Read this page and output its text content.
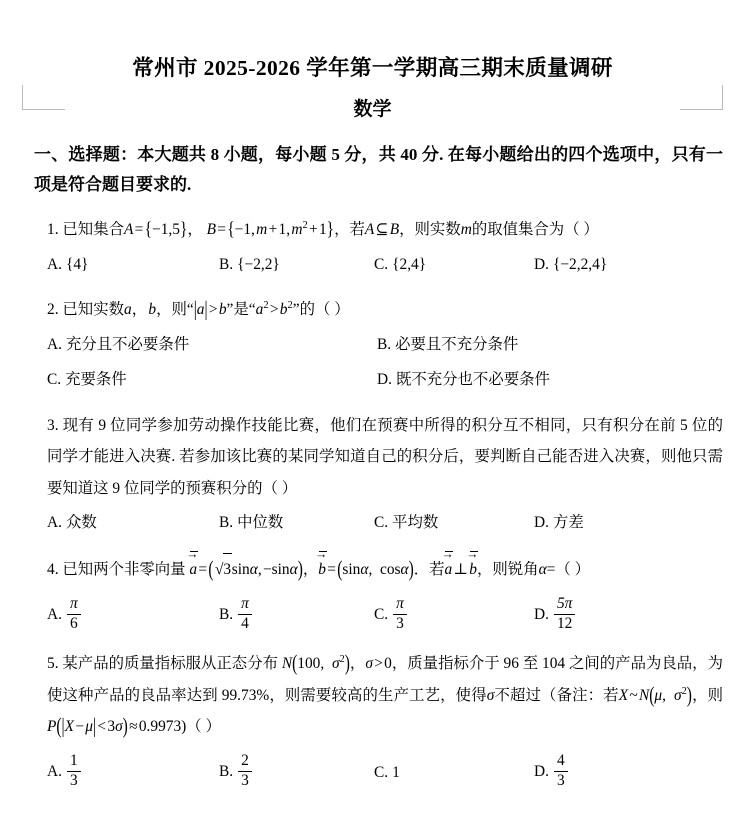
常州市 2025-2026 学年第一学期高三期末质量调研
数学
一、选择题：本大题共 8 小题，每小题 5 分，共 40 分. 在每小题给出的四个选项中，只有一项是符合题目要求的.
1. 已知集合A = {−1,5}， B = {−1, m + 1, $m^2$ + 1}，若A ⊆ B，则实数m的取值集合为（ ）
A. {4}	B. {−2,2}	C. {2,4}	D. {−2,2,4}
2. 已知实数a， b，则“|a| > b”是“$a^2$ > $b^2$”的（ ）
A. 充分且不必要条件	B. 必要且不充分条件
C. 充要条件	D. 既不充分也不必要条件
3. 现有 9 位同学参加劳动操作技能比赛，他们在预赛中所得的积分互不相同，只有积分在前 5 位的同学才能进入决赛. 若参加该比赛的某同学知道自己的积分后，要判断自己能否进入决赛，则他只需要知道这 9 位同学的预赛积分的（ ）
A. 众数	B. 中位数	C. 平均数	D. 方差
4. 已知两个非零向量 a
→
 = (√3sinα, −sinα)，b
→
 = (sinα,  cosα)．若a
→
 ⊥ b
→
，则锐角α=（ ）
A. $\frac{\pi}{6}$	B. $\frac{\pi}{4}$	C. $\frac{\pi}{3}$	D. $\frac{5\pi}{12}$
5. 某产品的质量指标服从正态分布 N(100,  $\sigma^2$)，σ > 0，质量指标介于 96 至 104 之间的产品为良品，为使这种产品的良品率达到 99.73%，则需要较高的生产工艺，使得σ不超过（备注：若X ~ N(μ,  $\sigma^2$)，则P(|X − μ| < 3σ) ≈ 0.9973)（ ）
A. $\frac{1}{3}$	B. $\frac{2}{3}$	C. 1	D. $\frac{4}{3}$
